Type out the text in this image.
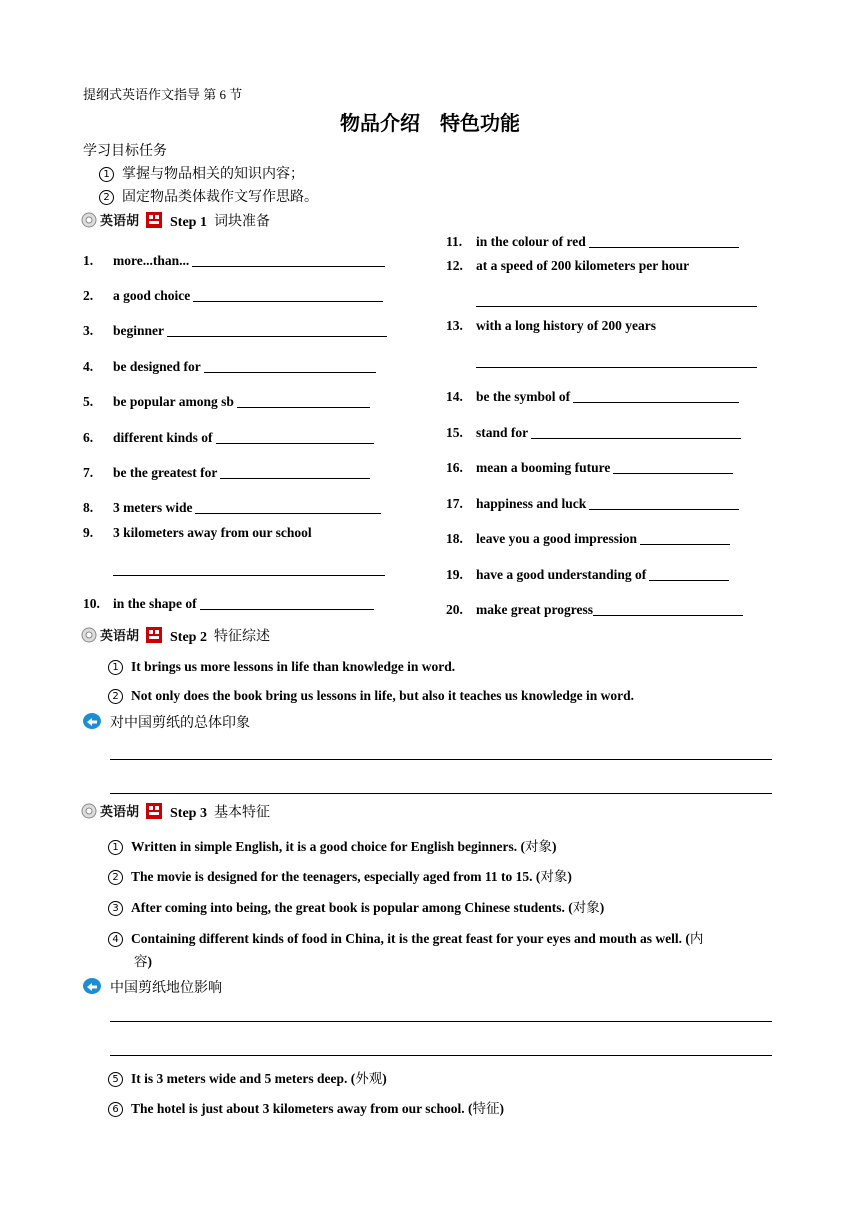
提纲式英语作文指导 第 6 节
物品介绍　特色功能
学习目标任务
1 掌握与物品相关的知识内容；
2 固定物品类体裁作文写作思路。
英语胡 Step 1 词块准备
1. more...than...
2. a good choice
3. beginner
4. be designed for
5. be popular among sb
6. different kinds of
7. be the greatest for
8. 3 meters wide
9. 3 kilometers away from our school
10. in the shape of
11. in the colour of red
12. at a speed of 200 kilometers per hour
13. with a long history of 200 years
14. be the symbol of
15. stand for
16. mean a booming future
17. happiness and luck
18. leave you a good impression
19. have a good understanding of
20. make great progress
英语胡 Step 2 特征综述
1 It brings us more lessons in life than knowledge in word.
2 Not only does the book bring us lessons in life, but also it teaches us knowledge in word.
对中国剪纸的总体印象
英语胡 Step 3 基本特征
1 Written in simple English, it is a good choice for English beginners. (对象)
2 The movie is designed for the teenagers, especially aged from 11 to 15. (对象)
3 After coming into being, the great book is popular among Chinese students. (对象)
4 Containing different kinds of food in China, it is the great feast for your eyes and mouth as well. (内
容)
中国剪纸地位影响
5 It is 3 meters wide and 5 meters deep. (外观)
6 The hotel is just about 3 kilometers away from our school. (特征)
